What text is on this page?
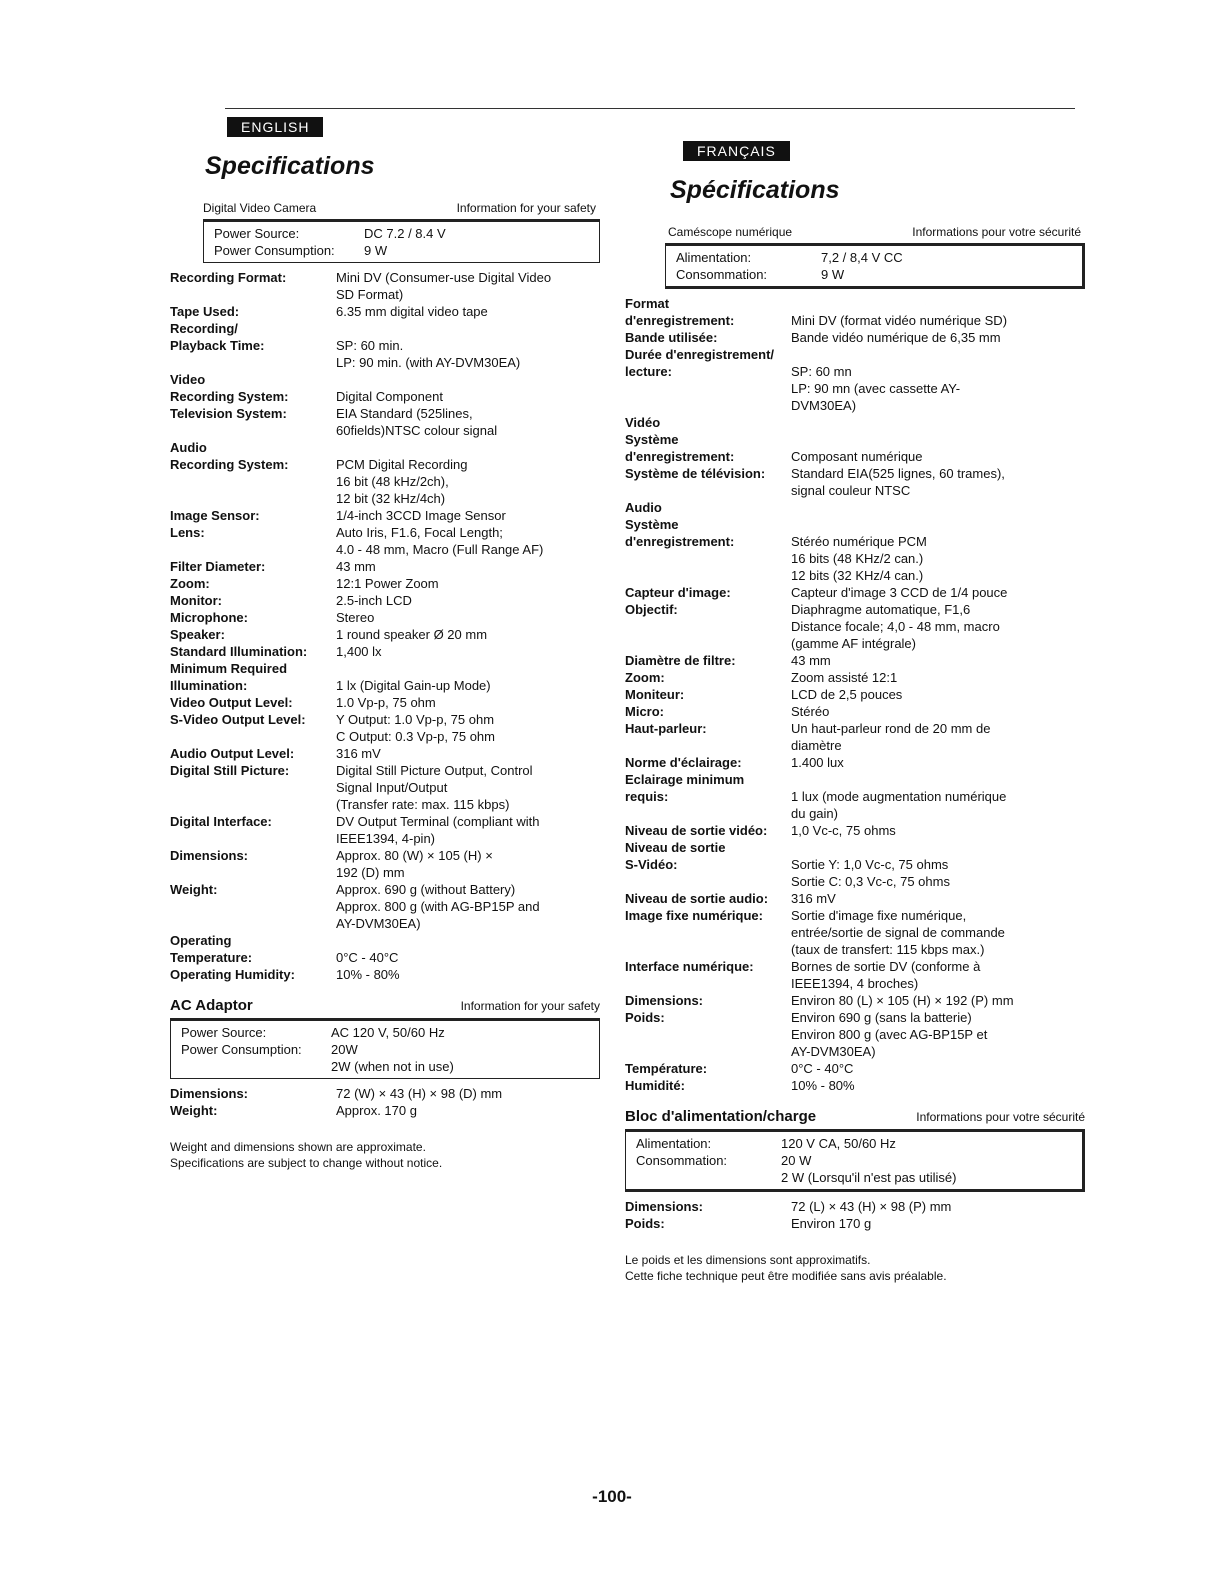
ENGLISH
FRANÇAIS
Specifications
Digital Video Camera	Information for your safety
Power Source:	DC 7.2 / 8.4 V
Power Consumption:	9 W
Recording Format:	Mini DV (Consumer-use Digital Video
SD Format)
Tape Used:	6.35 mm digital video tape
Recording/
Playback Time:	
SP: 60 min.
LP: 90 min. (with AY-DVM30EA)
Video
Recording System:	
Digital Component
Television System:	EIA Standard (525lines,
60fields)NTSC colour signal
Audio
Recording System:	
PCM Digital Recording
16 bit (48 kHz/2ch),
12 bit (32 kHz/4ch)
Image Sensor:	1/4-inch 3CCD Image Sensor
Lens:	Auto Iris, F1.6, Focal Length;
4.0 - 48 mm, Macro (Full Range AF)
Filter Diameter:	43 mm
Zoom:	12:1 Power Zoom
Monitor:	2.5-inch LCD
Microphone:	Stereo
Speaker:	1 round speaker Ø 20 mm
Standard Illumination:	1,400 lx
Minimum Required
Illumination:	
1 lx (Digital Gain-up Mode)
Video Output Level:	1.0 Vp-p, 75 ohm
S-Video Output Level:	Y Output: 1.0 Vp-p, 75 ohm
C Output: 0.3 Vp-p, 75 ohm
Audio Output Level:	316 mV
Digital Still Picture:	Digital Still Picture Output, Control
Signal Input/Output
(Transfer rate: max. 115 kbps)
Digital Interface:	DV Output Terminal (compliant with
IEEE1394, 4-pin)
Dimensions:	Approx. 80 (W) × 105 (H) ×
192 (D) mm
Weight:	Approx. 690 g (without Battery)
Approx. 800 g (with AG-BP15P and
AY-DVM30EA)
Operating
Temperature:	
0°C - 40°C
Operating Humidity:	10% - 80%
AC Adaptor	Information for your safety
Power Source:	AC 120 V, 50/60 Hz
Power Consumption:	20W
2W (when not in use)
Dimensions:	72 (W) × 43 (H) × 98 (D) mm
Weight:	Approx. 170 g
Weight and dimensions shown are approximate.
Specifications are subject to change without notice.
Spécifications
Caméscope numérique	Informations pour votre sécurité
Alimentation:	7,2 / 8,4 V CC
Consommation:	9 W
Format
d'enregistrement:	
Mini DV (format vidéo numérique SD)
Bande utilisée:	Bande vidéo numérique de 6,35 mm
Durée d'enregistrement/
lecture:	
SP: 60 mn
LP: 90 mn (avec cassette AY-
DVM30EA)
Vidéo
Système
d'enregistrement:	

Composant numérique
Système de télévision:	Standard EIA(525 lignes, 60 trames),
signal couleur NTSC
Audio
Système
d'enregistrement:	

Stéréo numérique PCM
16 bits (48 KHz/2 can.)
12 bits (32 KHz/4 can.)
Capteur d'image:	Capteur d'image 3 CCD de 1/4 pouce
Objectif:	Diaphragme automatique, F1,6
Distance focale; 4,0 - 48 mm, macro
(gamme AF intégrale)
Diamètre de filtre:	43 mm
Zoom:	Zoom assisté 12:1
Moniteur:	LCD de 2,5 pouces
Micro:	Stéréo
Haut-parleur:	Un haut-parleur rond de 20 mm de
diamètre
Norme d'éclairage:	1.400 lux
Eclairage minimum
requis:	
1 lux (mode augmentation numérique
du gain)
Niveau de sortie vidéo:	1,0 Vc-c, 75 ohms
Niveau de sortie
S-Vidéo:	
Sortie Y: 1,0 Vc-c, 75 ohms
Sortie C: 0,3 Vc-c, 75 ohms
Niveau de sortie audio:	316 mV
Image fixe numérique:	Sortie d'image fixe numérique,
entrée/sortie de signal de commande
(taux de transfert: 115 kbps max.)
Interface numérique:	Bornes de sortie DV (conforme à
IEEE1394, 4 broches)
Dimensions:	Environ 80 (L) × 105 (H) × 192 (P) mm
Poids:	Environ 690 g (sans la batterie)
Environ 800 g (avec AG-BP15P et
AY-DVM30EA)
Température:	0°C - 40°C
Humidité:	10% - 80%
Bloc d'alimentation/charge	Informations pour votre sécurité
Alimentation:	120 V CA, 50/60 Hz
Consommation:	20 W
2 W (Lorsqu'il n'est pas utilisé)
Dimensions:	72 (L) × 43 (H) × 98 (P) mm
Poids:	Environ 170 g
Le poids et les dimensions sont approximatifs.
Cette fiche technique peut être modifiée sans avis préalable.
-100-
